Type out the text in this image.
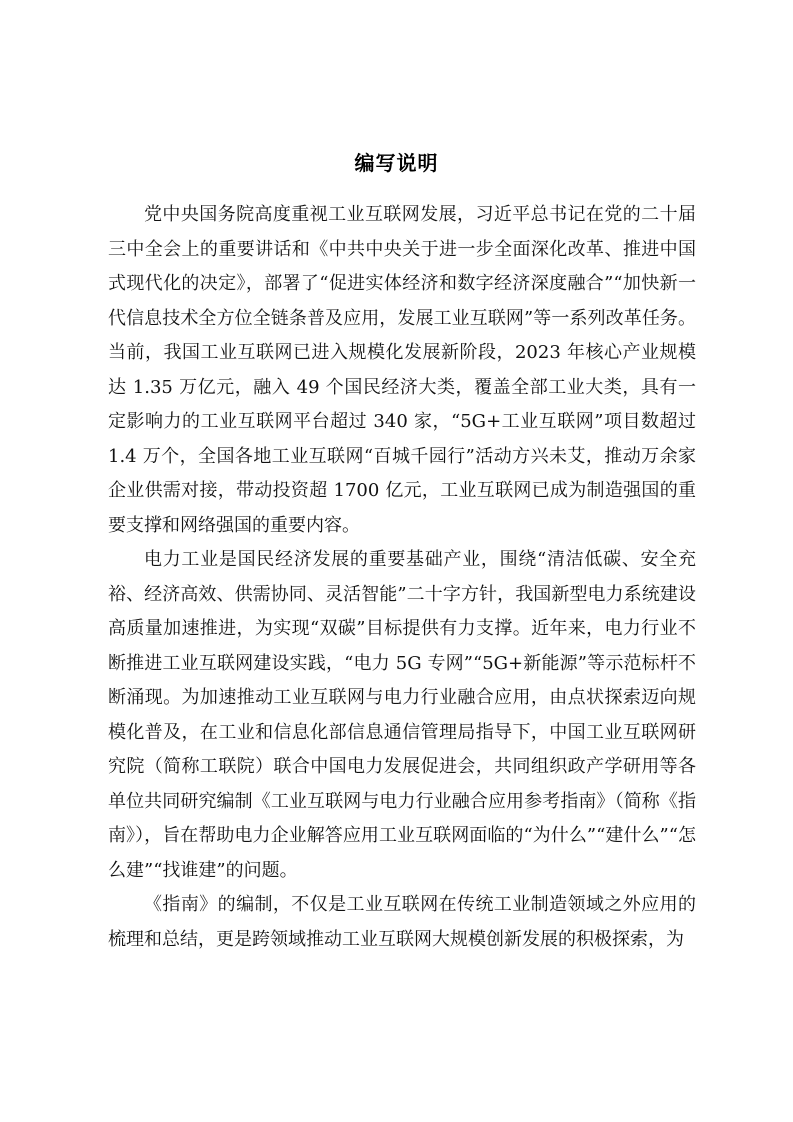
编写说明

党中央国务院高度重视工业互联网发展，习近平总书记在党的二十届三中全会上的重要讲话和《中共中央关于进一步全面深化改革、推进中国式现代化的决定》，部署了“促进实体经济和数字经济深度融合”“加快新一代信息技术全方位全链条普及应用，发展工业互联网”等一系列改革任务。当前，我国工业互联网已进入规模化发展新阶段，2023 年核心产业规模达 1.35 万亿元，融入 49 个国民经济大类，覆盖全部工业大类，具有一定影响力的工业互联网平台超过 340 家，“5G+工业互联网”项目数超过 1.4 万个，全国各地工业互联网“百城千园行”活动方兴未艾，推动万余家企业供需对接，带动投资超 1700 亿元，工业互联网已成为制造强国的重要支撑和网络强国的重要内容。

电力工业是国民经济发展的重要基础产业，围绕“清洁低碳、安全充裕、经济高效、供需协同、灵活智能”二十字方针，我国新型电力系统建设高质量加速推进，为实现“双碳”目标提供有力支撑。近年来，电力行业不断推进工业互联网建设实践，“电力 5G 专网”“5G+新能源”等示范标杆不断涌现。为加速推动工业互联网与电力行业融合应用，由点状探索迈向规模化普及，在工业和信息化部信息通信管理局指导下，中国工业互联网研究院（简称工联院）联合中国电力发展促进会，共同组织政产学研用等各单位共同研究编制《工业互联网与电力行业融合应用参考指南》（简称《指南》），旨在帮助电力企业解答应用工业互联网面临的“为什么”“建什么”“怎么建”“找谁建”的问题。

《指南》的编制，不仅是工业互联网在传统工业制造领域之外应用的梳理和总结，更是跨领域推动工业互联网大规模创新发展的积极探索，为
